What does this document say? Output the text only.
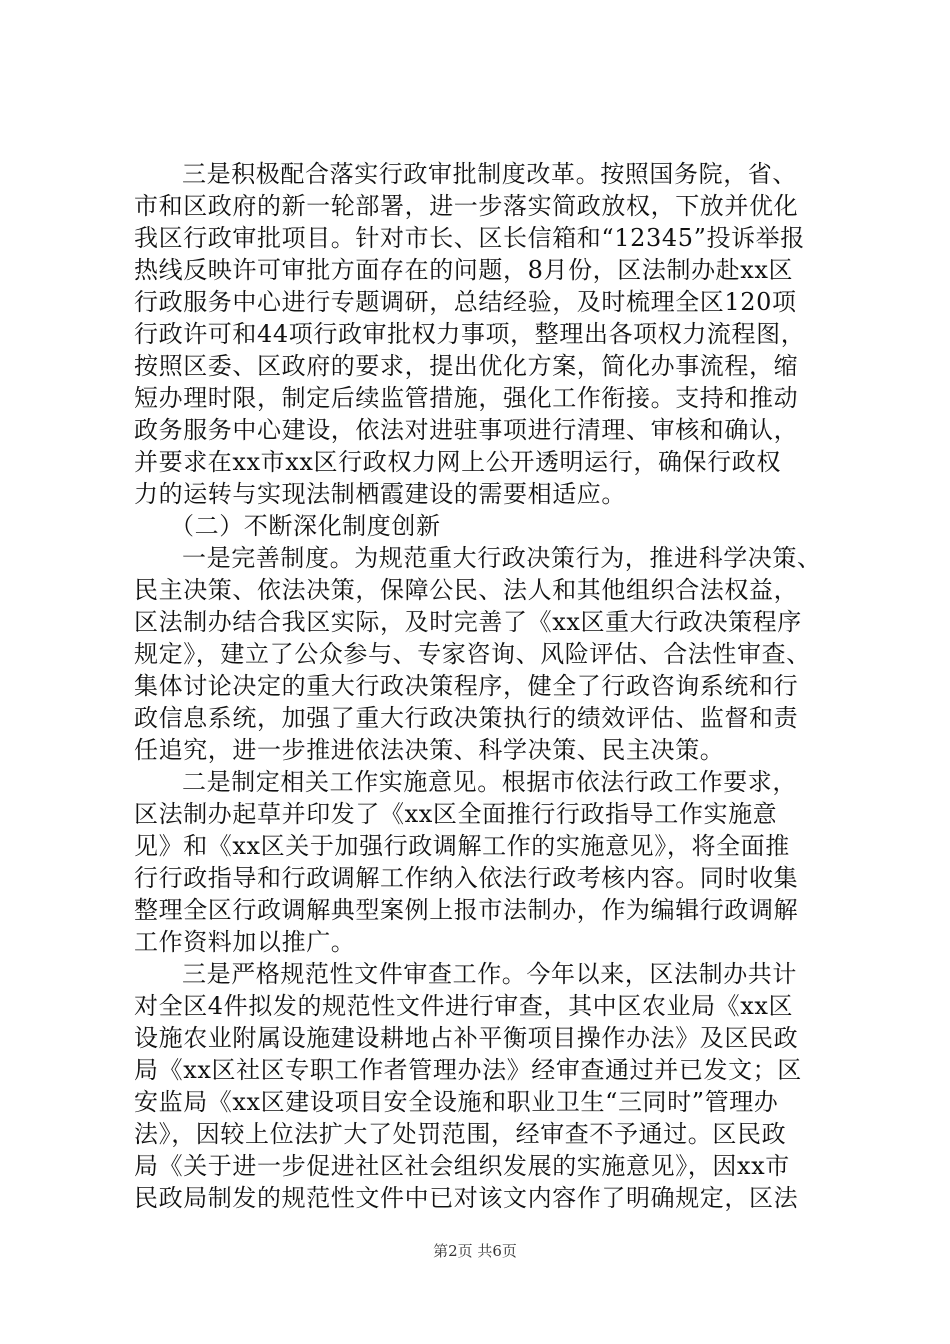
三是积极配合落实行政审批制度改革。按照国务院，省、
市和区政府的新一轮部署，进一步落实简政放权，下放并优化
我区行政审批项目。针对市长、区长信箱和“12345”投诉举报
热线反映许可审批方面存在的问题，8月份，区法制办赴xx区
行政服务中心进行专题调研，总结经验，及时梳理全区120项
行政许可和44项行政审批权力事项，整理出各项权力流程图，
按照区委、区政府的要求，提出优化方案，简化办事流程，缩
短办理时限，制定后续监管措施，强化工作衔接。支持和推动
政务服务中心建设，依法对进驻事项进行清理、审核和确认，
并要求在xx市xx区行政权力网上公开透明运行，确保行政权
力的运转与实现法制栖霞建设的需要相适应。
（二）不断深化制度创新
一是完善制度。为规范重大行政决策行为，推进科学决策、
民主决策、依法决策，保障公民、法人和其他组织合法权益，
区法制办结合我区实际，及时完善了《xx区重大行政决策程序
规定》，建立了公众参与、专家咨询、风险评估、合法性审查、
集体讨论决定的重大行政决策程序，健全了行政咨询系统和行
政信息系统，加强了重大行政决策执行的绩效评估、监督和责
任追究，进一步推进依法决策、科学决策、民主决策。
二是制定相关工作实施意见。根据市依法行政工作要求，
区法制办起草并印发了《xx区全面推行行政指导工作实施意
见》和《xx区关于加强行政调解工作的实施意见》，将全面推
行行政指导和行政调解工作纳入依法行政考核内容。同时收集
整理全区行政调解典型案例上报市法制办，作为编辑行政调解
工作资料加以推广。
三是严格规范性文件审查工作。今年以来，区法制办共计
对全区4件拟发的规范性文件进行审查，其中区农业局《xx区
设施农业附属设施建设耕地占补平衡项目操作办法》及区民政
局《xx区社区专职工作者管理办法》经审查通过并已发文；区
安监局《xx区建设项目安全设施和职业卫生“三同时”管理办
法》，因较上位法扩大了处罚范围，经审查不予通过。区民政
局《关于进一步促进社区社会组织发展的实施意见》，因xx市
民政局制发的规范性文件中已对该文内容作了明确规定，区法
第2页 共6页
